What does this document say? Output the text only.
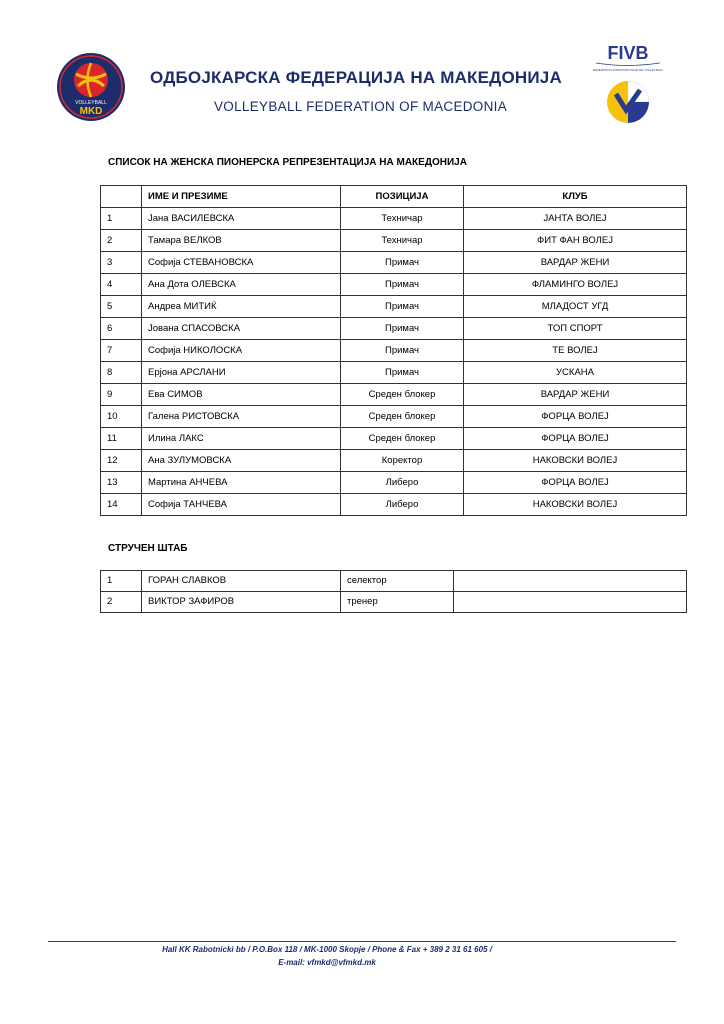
VOLLEYBALL
MKD
ОДБОЈКАРСКА ФЕДЕРАЦИЈА НА МАКЕДОНИЈА
VOLLEYBALL FEDERATION OF MACEDONIA
FIVB
FEDERATION INTERNATIONALE DE VOLLEYBALL
СПИСОК НА ЖЕНСКА ПИОНЕРСКА РЕПРЕЗЕНТАЦИЈА НА МАКЕДОНИЈА
	ИМЕ И ПРЕЗИМЕ	ПОЗИЦИЈА	КЛУБ
1	Јана ВАСИЛЕВСКА	Техничар	ЈАНТА ВОЛЕЈ
2	Тамара ВЕЛКОВ	Техничар	ФИТ ФАН ВОЛЕЈ
3	Софија СТЕВАНОВСКА	Примач	ВАРДАР ЖЕНИ
4	Ана Дота ОЛЕВСКА	Примач	ФЛАМИНГО ВОЛЕЈ
5	Андреа МИТИЌ	Примач	МЛАДОСТ УГД
6	Јована СПАСОВСКА	Примач	ТОП СПОРТ
7	Софија НИКОЛОСКА	Примач	ТЕ ВОЛЕЈ
8	Ерјона АРСЛАНИ	Примач	УСКАНА
9	Ева СИМОВ	Среден блокер	ВАРДАР ЖЕНИ
10	Галена РИСТОВСКА	Среден блокер	ФОРЦА ВОЛЕЈ
11	Илина ЛАКС	Среден блокер	ФОРЦА ВОЛЕЈ
12	Ана ЗУЛУМОВСКА	Коректор	НАКОВСКИ ВОЛЕЈ
13	Мартина АНЧЕВА	Либеро	ФОРЦА ВОЛЕЈ
14	Софија ТАНЧЕВА	Либеро	НАКОВСКИ ВОЛЕЈ
СТРУЧЕН ШТАБ
1	ГОРАН СЛАВКОВ	селектор	
2	ВИКТОР ЗАФИРОВ	тренер	
Hall KK Rabotnicki bb / P.O.Box 118 / MK-1000 Skopje / Phone & Fax + 389 2 31 61 605 /
E-mail: vfmkd@vfmkd.mk
